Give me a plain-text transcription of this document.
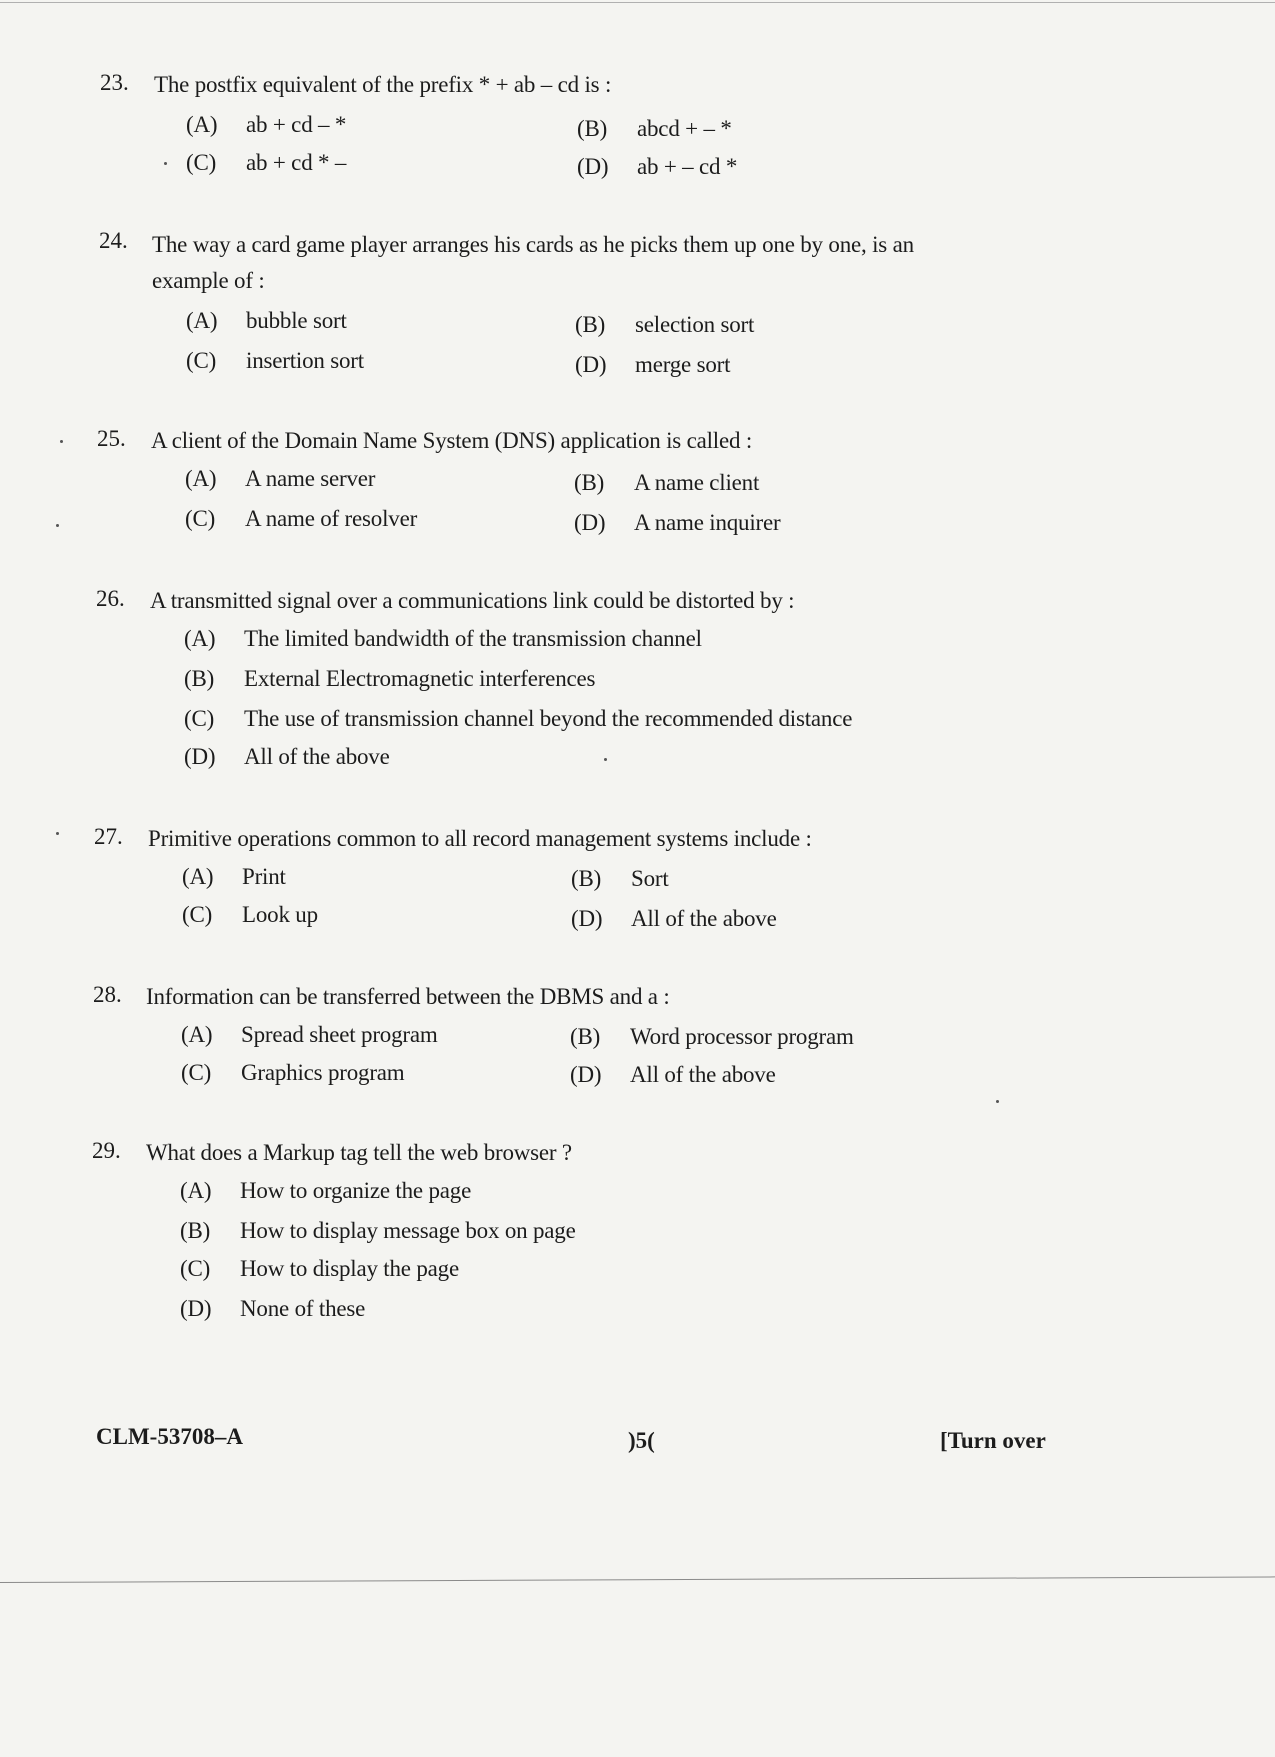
23. The postfix equivalent of the prefix * + ab – cd is :
(A) ab + cd – *	(B) abcd + – *
(C) ab + cd * –	(D) ab + – cd *
24. The way a card game player arranges his cards as he picks them up one by one, is an
example of :
(A) bubble sort	(B) selection sort
(C) insertion sort	(D) merge sort
25. A client of the Domain Name System (DNS) application is called :
(A) A name server	(B) A name client
(C) A name of resolver	(D) A name inquirer
26. A transmitted signal over a communications link could be distorted by :
(A) The limited bandwidth of the transmission channel
(B) External Electromagnetic interferences
(C) The use of transmission channel beyond the recommended distance
(D) All of the above
27. Primitive operations common to all record management systems include :
(A) Print	(B) Sort
(C) Look up	(D) All of the above
28. Information can be transferred between the DBMS and a :
(A) Spread sheet program	(B) Word processor program
(C) Graphics program	(D) All of the above
29. What does a Markup tag tell the web browser ?
(A) How to organize the page
(B) How to display message box on page
(C) How to display the page
(D) None of these
CLM-53708–A	)5(	[Turn over
